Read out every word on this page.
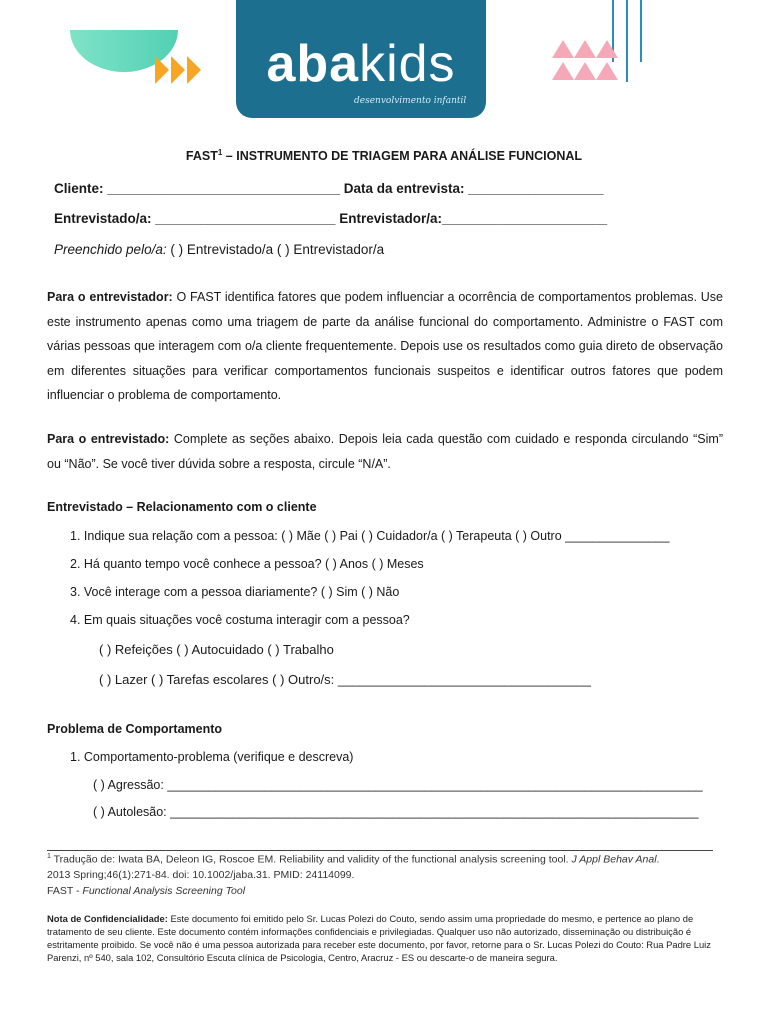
abakids
desenvolvimento infantil
FAST$^1$ – INSTRUMENTO DE TRIAGEM PARA ANÁLISE FUNCIONAL
Cliente: _______________________________ Data da entrevista: __________________
Entrevistado/a: ________________________ Entrevistador/a:______________________
Preenchido pelo/a: ( ) Entrevistado/a ( ) Entrevistador/a
Para o entrevistador: O FAST identifica fatores que podem influenciar a ocorrência de comportamentos problemas. Use este instrumento apenas como uma triagem de parte da análise funcional do comportamento. Administre o FAST com várias pessoas que interagem com o/a cliente frequentemente. Depois use os resultados como guia direto de observação em diferentes situações para verificar comportamentos funcionais suspeitos e identificar outros fatores que podem influenciar o problema de comportamento.
Para o entrevistado: Complete as seções abaixo. Depois leia cada questão com cuidado e responda circulando “Sim” ou “Não”. Se você tiver dúvida sobre a resposta, circule “N/A”.
Entrevistado – Relacionamento com o cliente
1. Indique sua relação com a pessoa: ( ) Mãe ( ) Pai ( ) Cuidador/a ( ) Terapeuta ( ) Outro _______________
2. Há quanto tempo você conhece a pessoa? ( ) Anos ( ) Meses
3. Você interage com a pessoa diariamente? ( ) Sim ( ) Não
4. Em quais situações você costuma interagir com a pessoa?
( ) Refeições ( ) Autocuidado ( ) Trabalho
( ) Lazer ( ) Tarefas escolares ( ) Outro/s: ___________________________________
Problema de Comportamento
1. Comportamento-problema (verifique e descreva)
( ) Agressão: _____________________________________________________________________________
( ) Autolesão: ____________________________________________________________________________
$^1$ Tradução de: Iwata BA, Deleon IG, Roscoe EM. Reliability and validity of the functional analysis screening tool. J Appl Behav Anal.
2013 Spring;46(1):271-84. doi: 10.1002/jaba.31. PMID: 24114099.
FAST - Functional Analysis Screening Tool
Nota de Confidencialidade: Este documento foi emitido pelo Sr. Lucas Polezi do Couto, sendo assim uma propriedade do mesmo, e pertence ao plano de tratamento de seu cliente. Este documento contém informações confidenciais e privilegiadas. Qualquer uso não autorizado, disseminação ou distribuição é estritamente proibido. Se você não é uma pessoa autorizada para receber este documento, por favor, retorne para o Sr. Lucas Polezi do Couto: Rua Padre Luiz Parenzi, nº 540, sala 102, Consultório Escuta clínica de Psicologia, Centro, Aracruz - ES ou descarte-o de maneira segura.
